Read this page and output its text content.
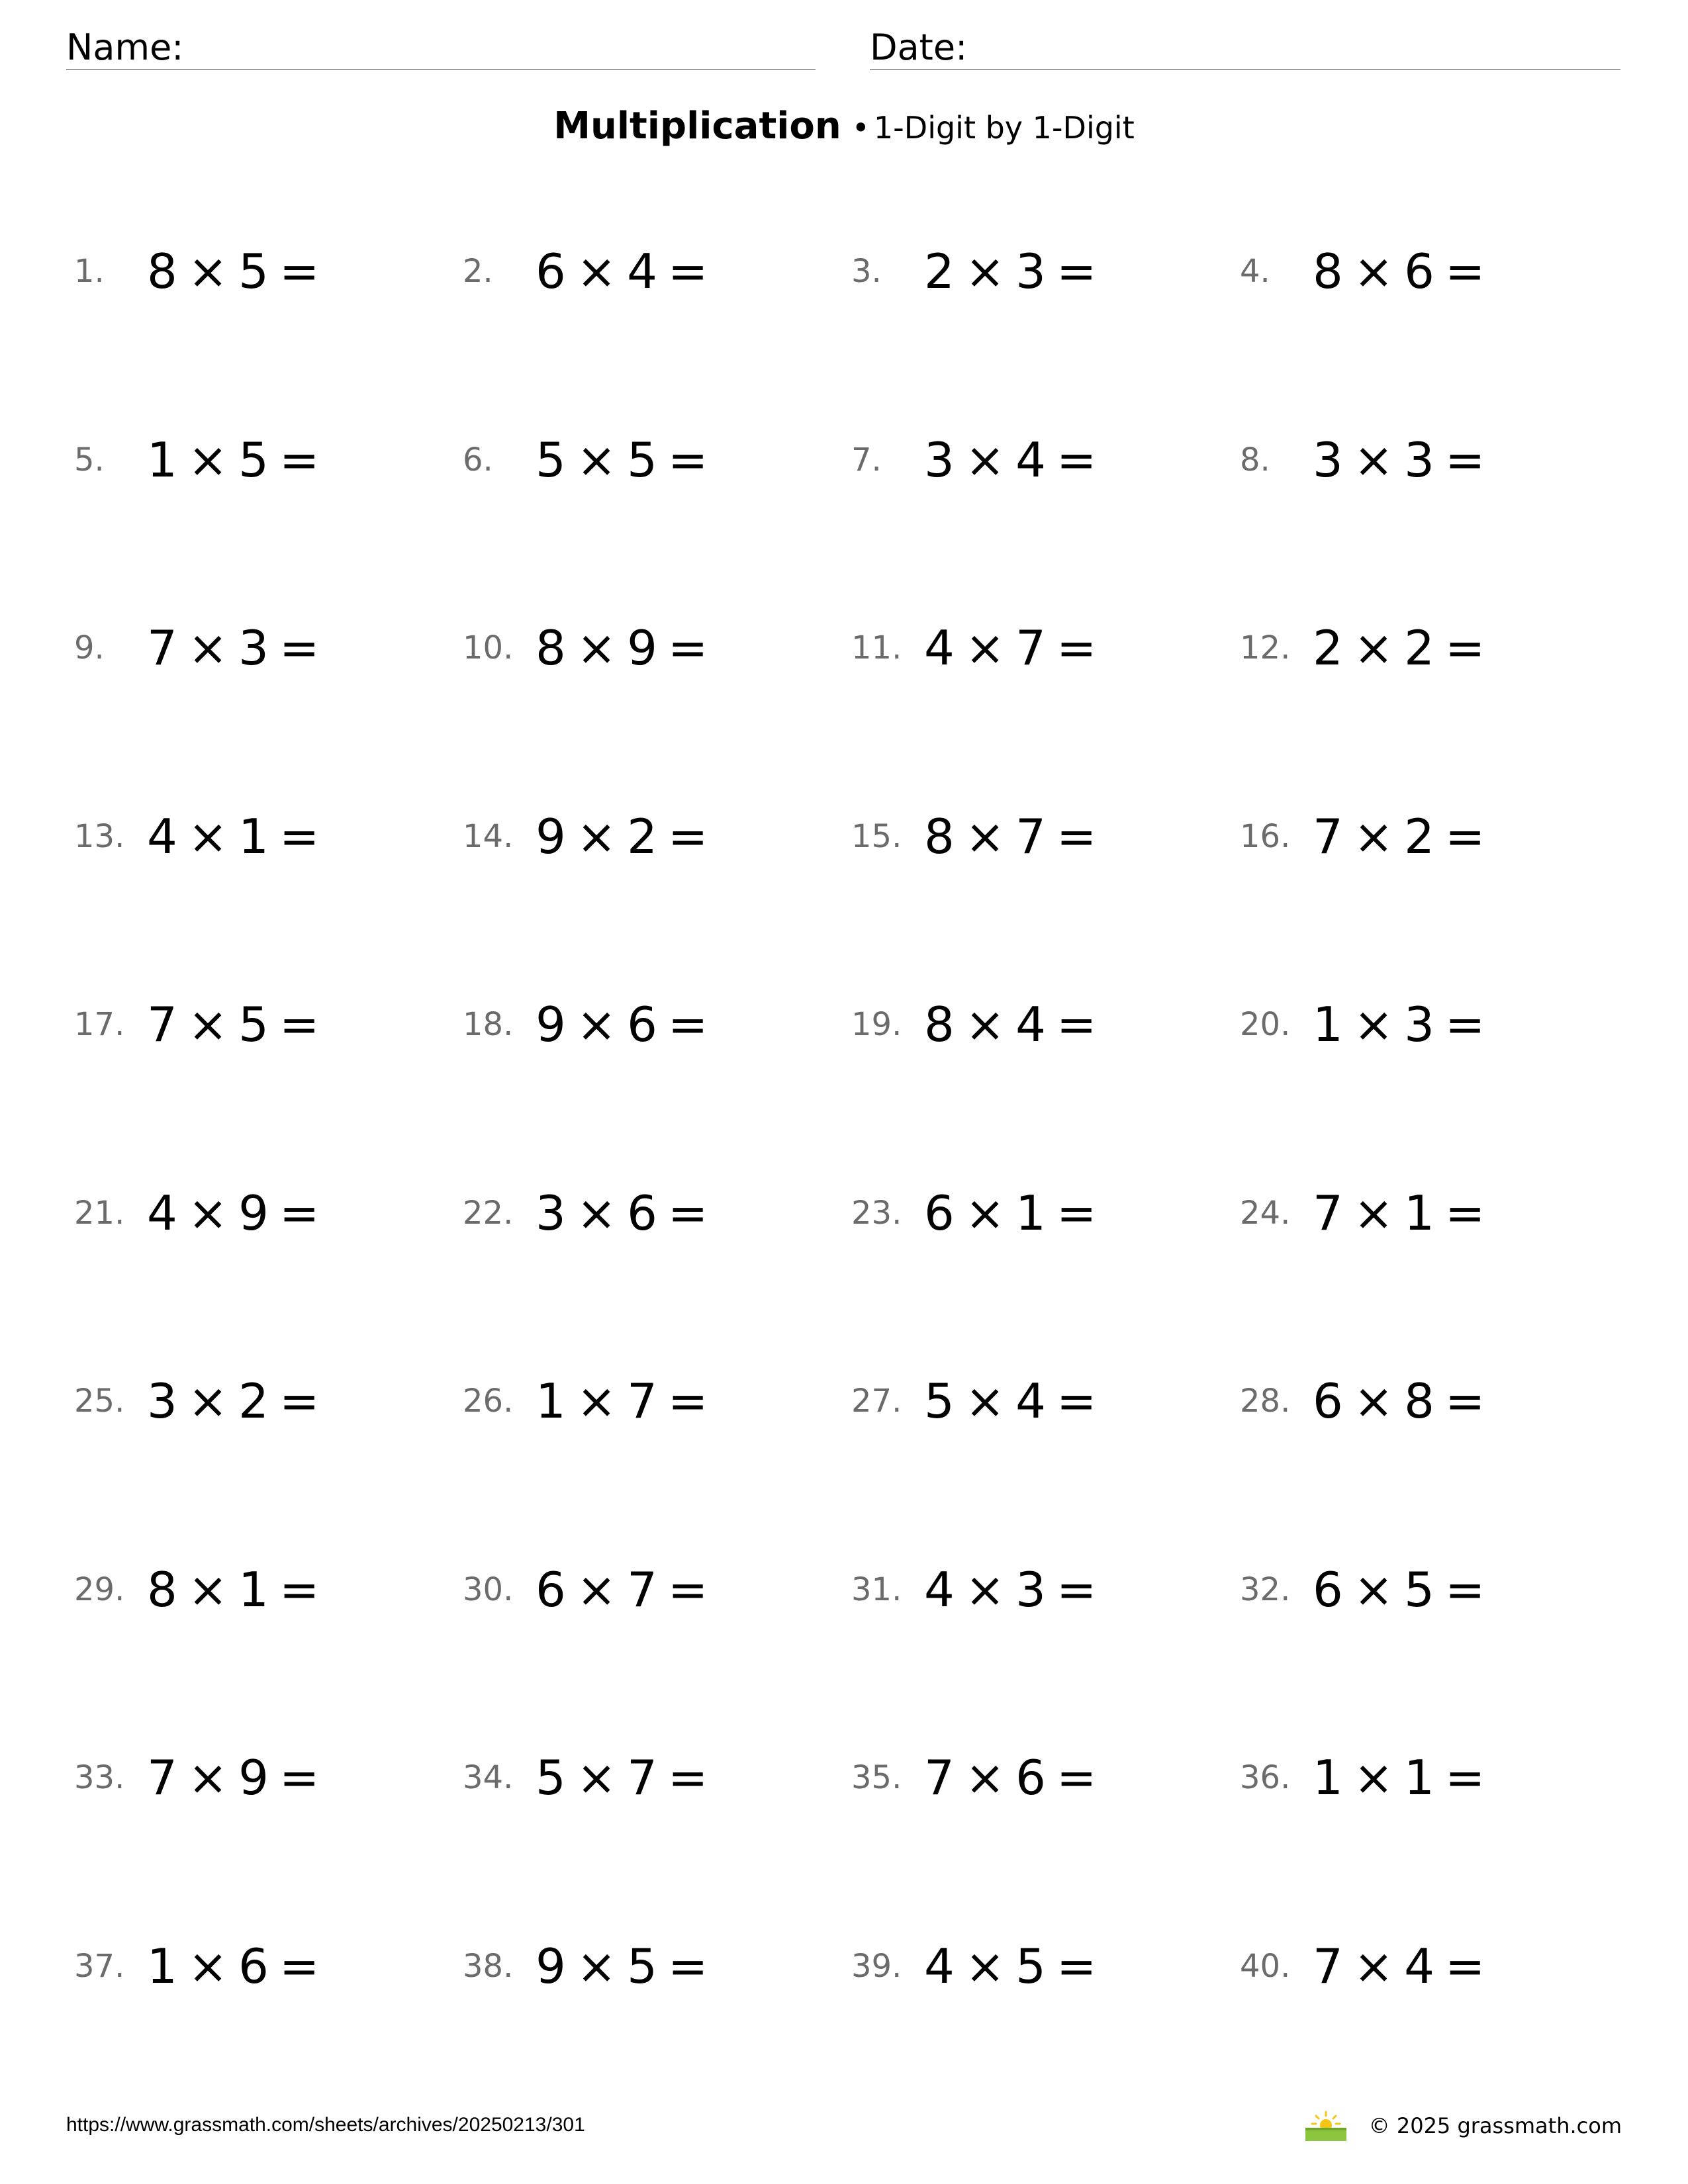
Name:	Date:
Multiplication • 1-Digit by 1-Digit
1. 8 × 5 =	2. 6 × 4 =	3. 2 × 3 =	4. 8 × 6 =
5. 1 × 5 =	6. 5 × 5 =	7. 3 × 4 =	8. 3 × 3 =
9. 7 × 3 =	10. 8 × 9 =	11. 4 × 7 =	12. 2 × 2 =
13. 4 × 1 =	14. 9 × 2 =	15. 8 × 7 =	16. 7 × 2 =
17. 7 × 5 =	18. 9 × 6 =	19. 8 × 4 =	20. 1 × 3 =
21. 4 × 9 =	22. 3 × 6 =	23. 6 × 1 =	24. 7 × 1 =
25. 3 × 2 =	26. 1 × 7 =	27. 5 × 4 =	28. 6 × 8 =
29. 8 × 1 =	30. 6 × 7 =	31. 4 × 3 =	32. 6 × 5 =
33. 7 × 9 =	34. 5 × 7 =	35. 7 × 6 =	36. 1 × 1 =
37. 1 × 6 =	38. 9 × 5 =	39. 4 × 5 =	40. 7 × 4 =
https://www.grassmath.com/sheets/archives/20250213/301	© 2025 grassmath.com
